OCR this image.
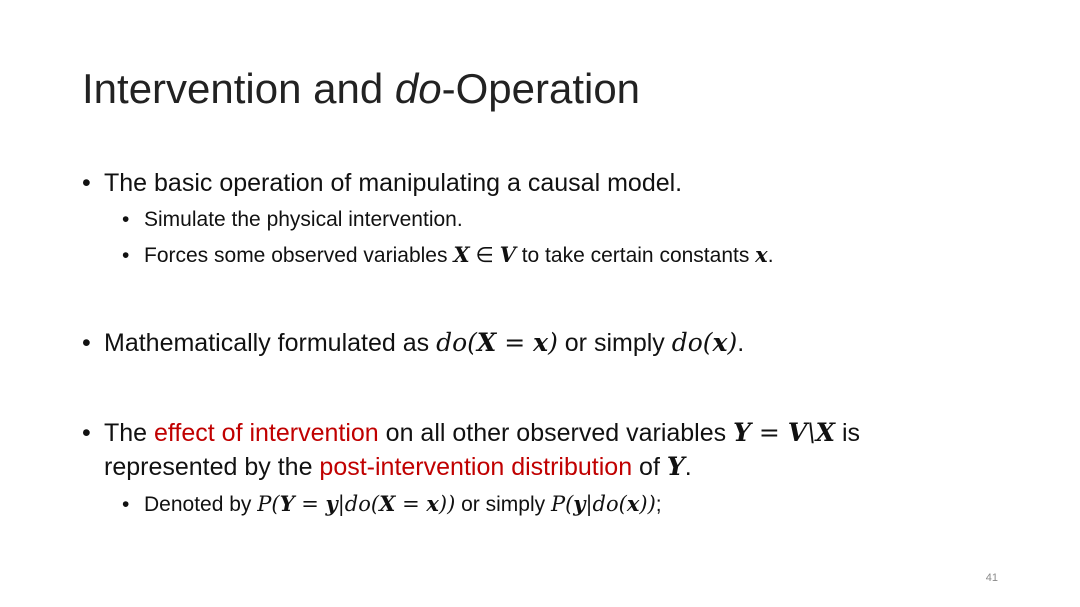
Intervention and do-Operation
• The basic operation of manipulating a causal model.
• Simulate the physical intervention.
• Forces some observed variables X ∈ V to take certain constants x.
• Mathematically formulated as do(X = x) or simply do(x).
• The effect of intervention on all other observed variables Y = V\X is
represented by the post-intervention distribution of Y.
• Denoted by P(Y = y|do(X = x)) or simply P(y|do(x));
41
